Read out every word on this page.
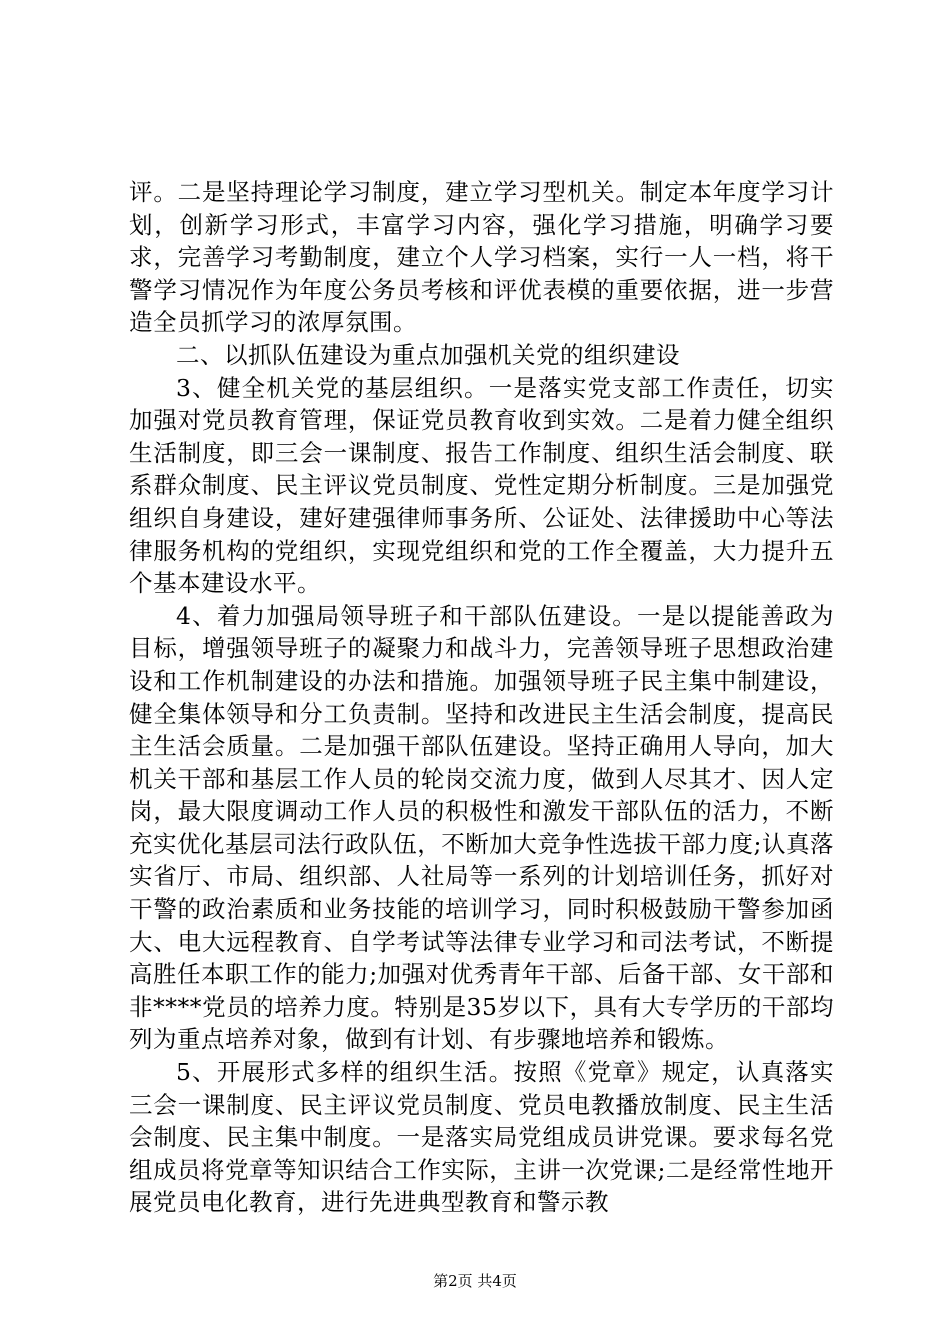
评。二是坚持理论学习制度，建立学习型机关。制定本年度学习计划，创新学习形式，丰富学习内容，强化学习措施，明确学习要求，完善学习考勤制度，建立个人学习档案，实行一人一档，将干警学习情况作为年度公务员考核和评优表模的重要依据，进一步营造全员抓学习的浓厚氛围。

二、以抓队伍建设为重点加强机关党的组织建设

3、健全机关党的基层组织。一是落实党支部工作责任，切实加强对党员教育管理，保证党员教育收到实效。二是着力健全组织生活制度，即三会一课制度、报告工作制度、组织生活会制度、联系群众制度、民主评议党员制度、党性定期分析制度。三是加强党组织自身建设，建好建强律师事务所、公证处、法律援助中心等法律服务机构的党组织，实现党组织和党的工作全覆盖，大力提升五个基本建设水平。

4、着力加强局领导班子和干部队伍建设。一是以提能善政为目标，增强领导班子的凝聚力和战斗力，完善领导班子思想政治建设和工作机制建设的办法和措施。加强领导班子民主集中制建设，健全集体领导和分工负责制。坚持和改进民主生活会制度，提高民主生活会质量。二是加强干部队伍建设。坚持正确用人导向，加大机关干部和基层工作人员的轮岗交流力度，做到人尽其才、因人定岗，最大限度调动工作人员的积极性和激发干部队伍的活力，不断充实优化基层司法行政队伍，不断加大竞争性选拔干部力度;认真落实省厅、市局、组织部、人社局等一系列的计划培训任务，抓好对干警的政治素质和业务技能的培训学习，同时积极鼓励干警参加函大、电大远程教育、自学考试等法律专业学习和司法考试，不断提高胜任本职工作的能力;加强对优秀青年干部、后备干部、女干部和非****党员的培养力度。特别是35岁以下，具有大专学历的干部均列为重点培养对象，做到有计划、有步骤地培养和锻炼。

5、开展形式多样的组织生活。按照《党章》规定，认真落实三会一课制度、民主评议党员制度、党员电教播放制度、民主生活会制度、民主集中制度。一是落实局党组成员讲党课。要求每名党组成员将党章等知识结合工作实际，主讲一次党课;二是经常性地开展党员电化教育，进行先进典型教育和警示教

第2页 共4页
